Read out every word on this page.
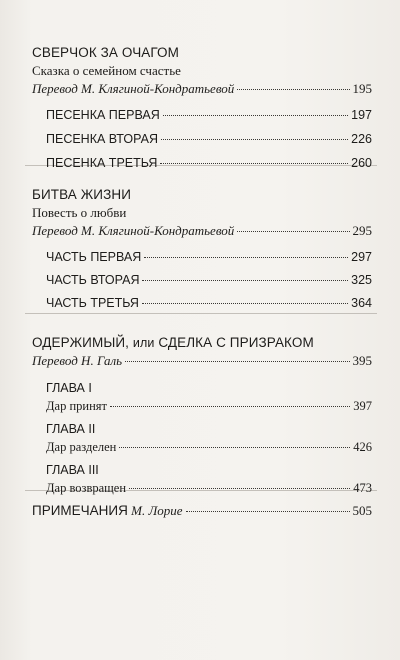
СВЕРЧОК ЗА ОЧАГОМ
Сказка о семейном счастье
Перевод М. Клягиной-Кондратьевой	195
ПЕСЕНКА ПЕРВАЯ	197
ПЕСЕНКА ВТОРАЯ	226
ПЕСЕНКА ТРЕТЬЯ	260
БИТВА ЖИЗНИ
Повесть о любви
Перевод М. Клягиной-Кондратьевой	295
ЧАСТЬ ПЕРВАЯ	297
ЧАСТЬ ВТОРАЯ	325
ЧАСТЬ ТРЕТЬЯ	364
ОДЕРЖИМЫЙ, или СДЕЛКА С ПРИЗРАКОМ
Перевод Н. Галь	395
ГЛАВА I
Дар принят	397
ГЛАВА II
Дар разделен	426
ГЛАВА III
Дар возвращен	473
ПРИМЕЧАНИЯ М. Лорие	505
